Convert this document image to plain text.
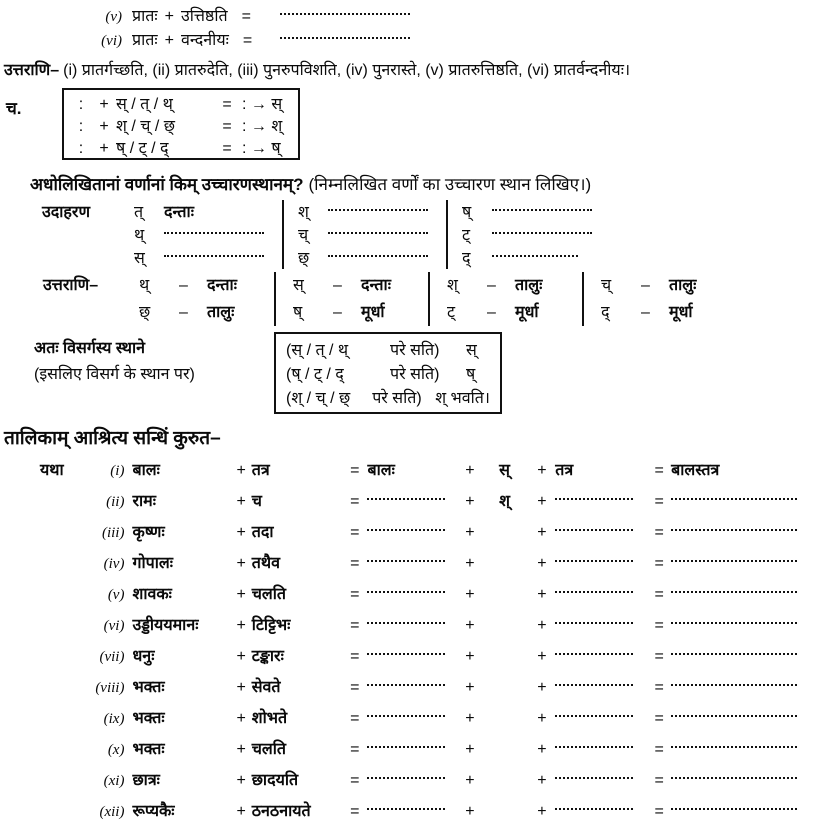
(v) प्रातः + उत्तिष्ठति =
(vi) प्रातः + वन्दनीयः =
उत्तराणि– (i) प्रातर्गच्छति, (ii) प्रातरुदेति, (iii) पुनरुपविशति, (iv) पुनरास्ते, (v) प्रातरुत्तिष्ठति, (vi) प्रातर्वन्दनीयः।
च.	:	+ स् / त् / थ्	= : → स्
:	+ श् / च् / छ्	= : → श्
:	+ ष् / ट् / द्	= : → ष्
अधोलिखितानां वर्णानां किम् उच्चारणस्थानम्? (निम्नलिखित वर्णों का उच्चारण स्थान लिखिए।)
उदाहरण	त्	दन्ताः		श्			ष्	
	थ्			च्			ट्	
	स्			छ्			द्	
उत्तराणि–	थ्	–	दन्ताः		स्	–	दन्ताः		श्	–	तालुः		च्	–	तालुः
	छ्	–	तालुः		ष्	–	मूर्धा		ट्	–	मूर्धा		द्	–	मूर्धा
अतः विसर्गस्य स्थाने
(इसलिए विसर्ग के स्थान पर)
(स् / त् / थ्	परे सति)	स्
(ष् / ट् / द्	परे सति)	ष्
(श् / च् / छ्	परे सति) श् भवति।
तालिकाम् आश्रित्य सन्धिं कुरुत–
यथा	(i)	बालः	+	तत्र	=	बालः	+	स्	+	तत्र	=	बालस्तत्र
	(ii)	रामः	+	च	=		+	श्	+		=	
	(iii)	कृष्णः	+	तदा	=		+		+		=	
	(iv)	गोपालः	+	तथैव	=		+		+		=	
	(v)	शावकः	+	चलति	=		+		+		=	
	(vi)	उड्डीययमानः	+	टिट्टिभः	=		+		+		=	
	(vii)	धनुः	+	टङ्कारः	=		+		+		=	
	(viii)	भक्तः	+	सेवते	=		+		+		=	
	(ix)	भक्तः	+	शोभते	=		+		+		=	
	(x)	भक्तः	+	चलति	=		+		+		=	
	(xi)	छात्रः	+	छादयति	=		+		+		=	
	(xii)	रूप्यकैः	+	ठनठनायते	=		+		+		=	
